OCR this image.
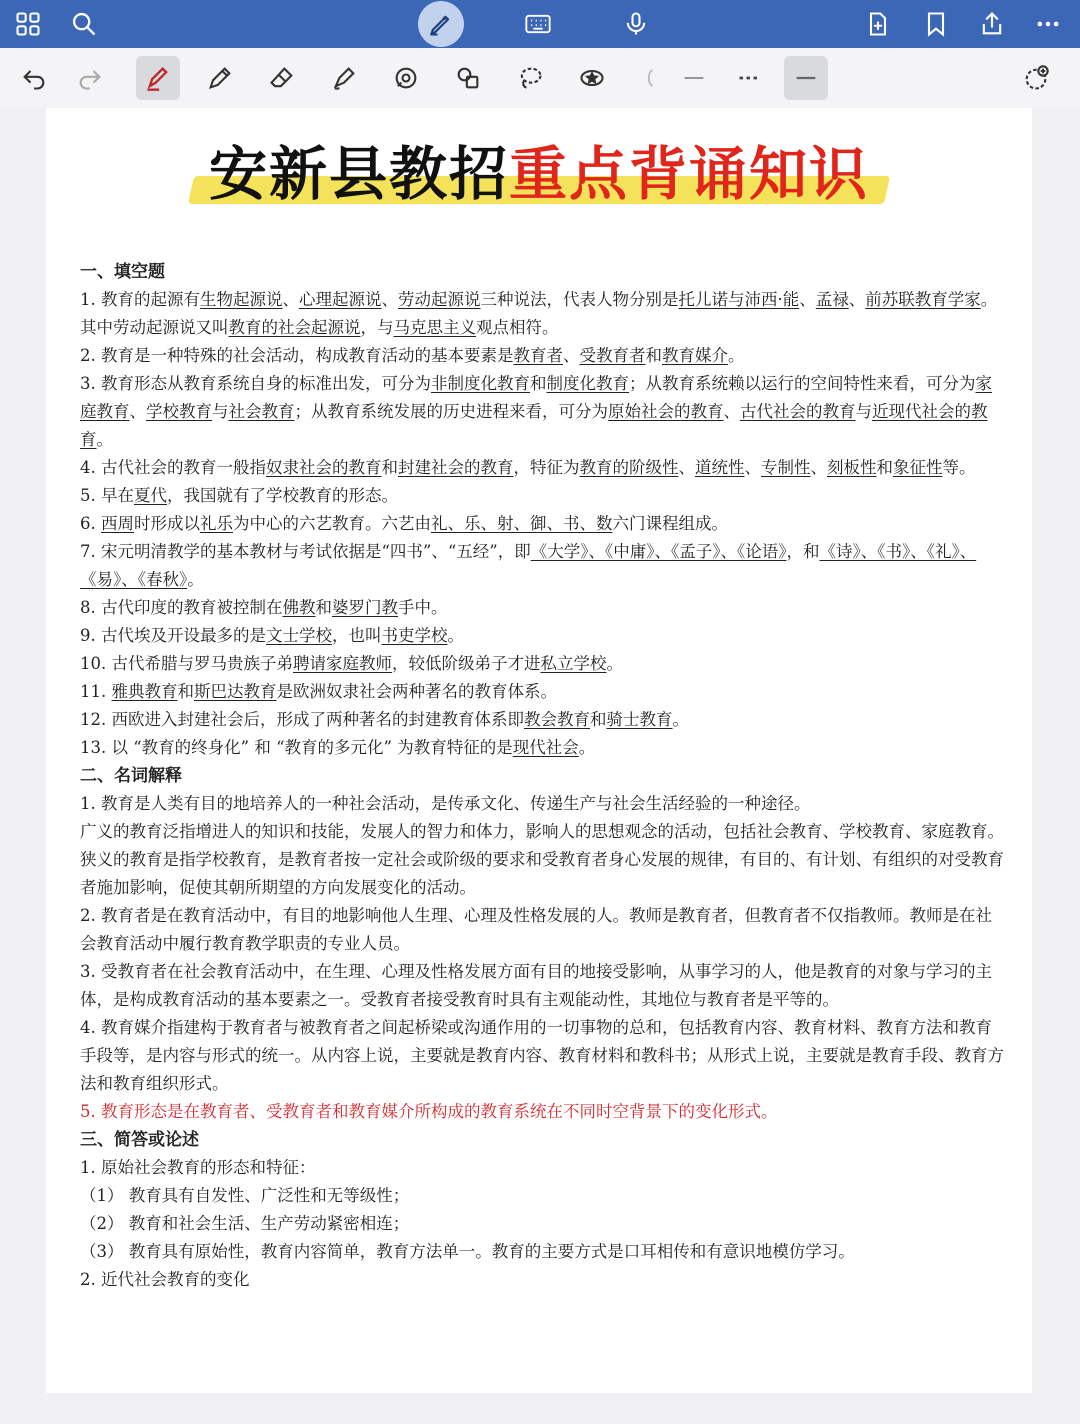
安新县教招重点背诵知识

一、填空题

1. 教育的起源有生物起源说、心理起源说、劳动起源说三种说法，代表人物分别是托儿诺与沛西·能、孟禄、前苏联教育学家。其中劳动起源说又叫教育的社会起源说，与马克思主义观点相符。

2. 教育是一种特殊的社会活动，构成教育活动的基本要素是教育者、受教育者和教育媒介。

3. 教育形态从教育系统自身的标准出发，可分为非制度化教育和制度化教育；从教育系统赖以运行的空间特性来看，可分为家庭教育、学校教育与社会教育；从教育系统发展的历史进程来看，可分为原始社会的教育、古代社会的教育与近现代社会的教育。

4. 古代社会的教育一般指奴隶社会的教育和封建社会的教育，特征为教育的阶级性、道统性、专制性、刻板性和象征性等。

5. 早在夏代，我国就有了学校教育的形态。

6. 西周时形成以礼乐为中心的六艺教育。六艺由礼、乐、射、御、书、数六门课程组成。

7. 宋元明清教学的基本教材与考试依据是“四书”、“五经”，即《大学》、《中庸》、《孟子》、《论语》，和《诗》、《书》、《礼》、《易》、《春秋》。

8. 古代印度的教育被控制在佛教和婆罗门教手中。

9. 古代埃及开设最多的是文士学校，也叫书吏学校。

10. 古代希腊与罗马贵族子弟聘请家庭教师，较低阶级弟子才进私立学校。

11. 雅典教育和斯巴达教育是欧洲奴隶社会两种著名的教育体系。

12. 西欧进入封建社会后，形成了两种著名的封建教育体系即教会教育和骑士教育。

13. 以 “教育的终身化” 和 “教育的多元化” 为教育特征的是现代社会。

二、名词解释

1. 教育是人类有目的地培养人的一种社会活动，是传承文化、传递生产与社会生活经验的一种途径。

广义的教育泛指增进人的知识和技能，发展人的智力和体力，影响人的思想观念的活动，包括社会教育、学校教育、家庭教育。

狭义的教育是指学校教育，是教育者按一定社会或阶级的要求和受教育者身心发展的规律，有目的、有计划、有组织的对受教育者施加影响，促使其朝所期望的方向发展变化的活动。

2. 教育者是在教育活动中，有目的地影响他人生理、心理及性格发展的人。教师是教育者，但教育者不仅指教师。教师是在社会教育活动中履行教育教学职责的专业人员。

3. 受教育者在社会教育活动中，在生理、心理及性格发展方面有目的地接受影响，从事学习的人，他是教育的对象与学习的主体，是构成教育活动的基本要素之一。受教育者接受教育时具有主观能动性，其地位与教育者是平等的。

4. 教育媒介指建构于教育者与被教育者之间起桥梁或沟通作用的一切事物的总和，包括教育内容、教育材料、教育方法和教育手段等，是内容与形式的统一。从内容上说，主要就是教育内容、教育材料和教科书；从形式上说，主要就是教育手段、教育方法和教育组织形式。

5. 教育形态是在教育者、受教育者和教育媒介所构成的教育系统在不同时空背景下的变化形式。

三、简答或论述

1. 原始社会教育的形态和特征：

（1） 教育具有自发性、广泛性和无等级性；

（2） 教育和社会生活、生产劳动紧密相连；

（3） 教育具有原始性，教育内容简单，教育方法单一。教育的主要方式是口耳相传和有意识地模仿学习。

2. 近代社会教育的变化
